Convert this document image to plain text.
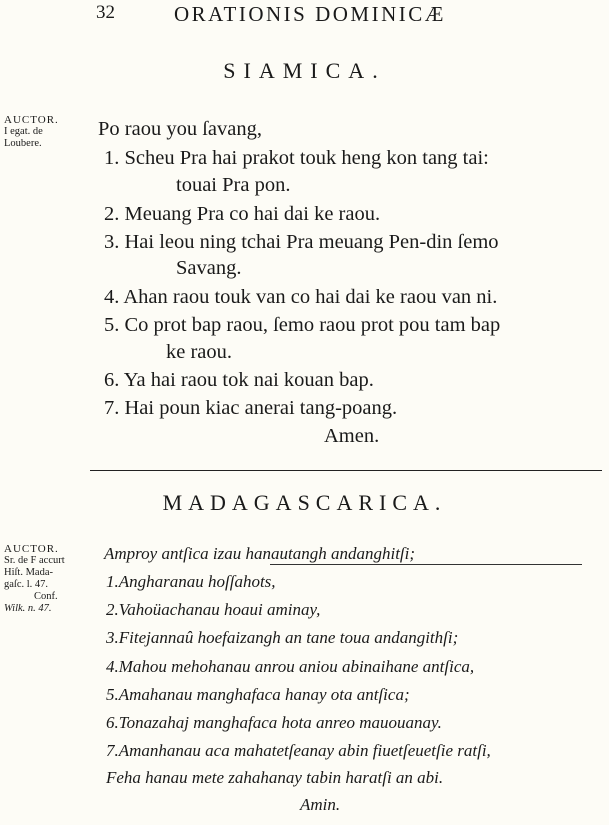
32	ORATIONIS DOMINICÆ
SIAMICA.
AUCTOR.
I egat. de
Loubere.
Po raou you ſavang,
1. Scheu Pra hai prakot touk heng kon tang tai:
touai Pra pon.
2. Meuang Pra co hai dai ke raou.
3. Hai leou ning tchai Pra meuang Pen-din ſemo
Savang.
4. Ahan raou touk van co hai dai ke raou van ni.
5. Co prot bap raou, ſemo raou prot pou tam bap
ke raou.
6. Ya hai raou tok nai kouan bap.
7. Hai poun kiac anerai tang-poang.
Amen.
MADAGASCARICA.
AUCTOR.
Sr. de F accurt
Hiſt. Mada-
gaſc. l. 47.
Conf.
Wilk. n. 47.
Amproy antſica izau hanautangh andanghitſi;
1.Angharanau hoſſahots,
2.Vahoüachanau hoaui aminay,
3.Fitejannaû hoefaizangh an tane toua andangithſi;
4.Mahou mehohanau anrou aniou abinaihane antſica,
5.Amahanau manghafaca hanay ota antſica;
6.Tonazahaj manghafaca hota anreo mauouanay.
7.Amanhanau aca mahatetſeanay abin fiuetſeuetſie ratſi,
Feha hanau mete zahahanay tabin haratſi an abi.
Amin.
